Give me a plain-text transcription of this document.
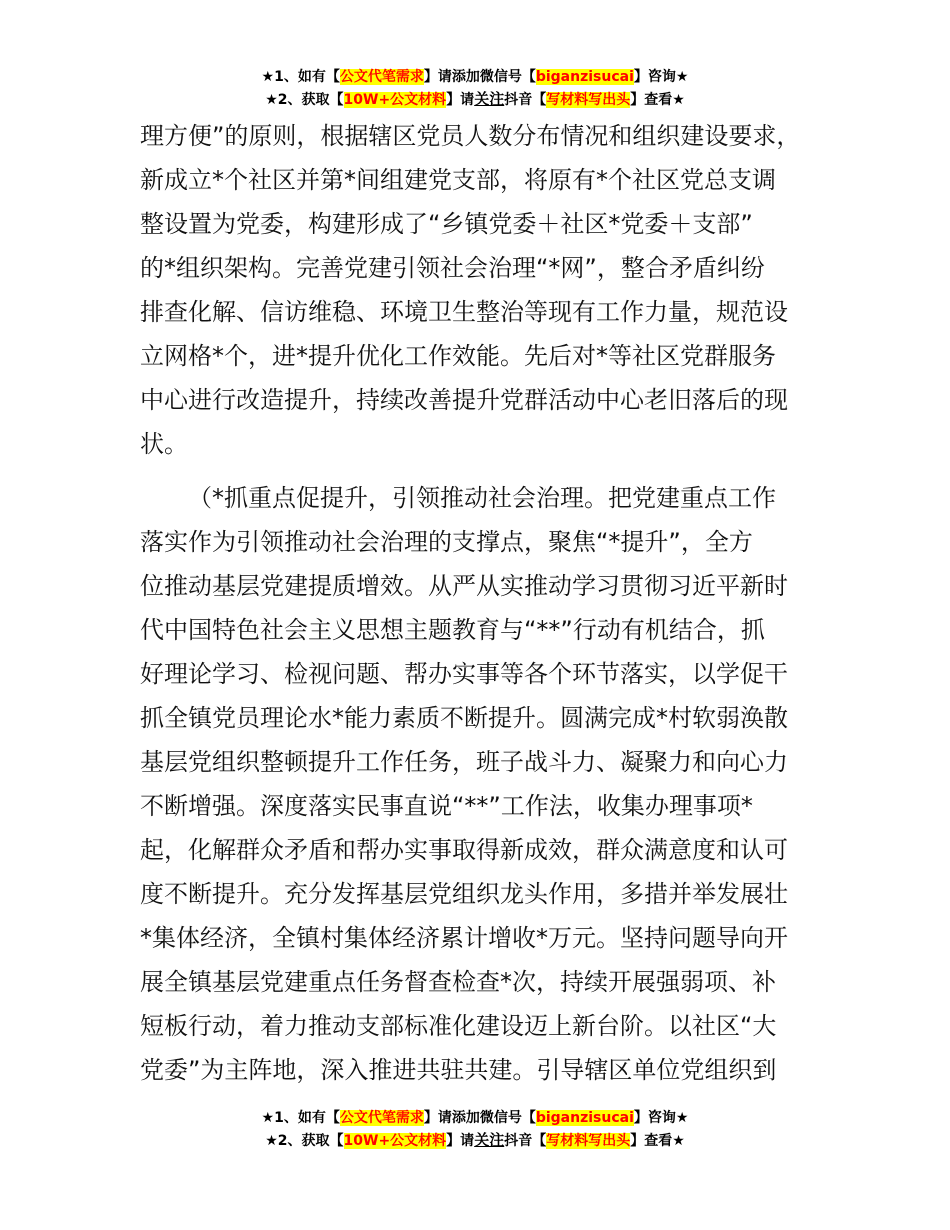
★1、如有【公文代笔需求】请添加微信号【biganzisucai】咨询★
★2、获取【10W+公文材料】请关注抖音【写材料写出头】查看★

理方便”的原则，根据辖区党员人数分布情况和组织建设要求，
新成立*个社区并第*间组建党支部，将原有*个社区党总支调
整设置为党委，构建形成了“乡镇党委＋社区*党委＋支部”
的*组织架构。完善党建引领社会治理“*网”，整合矛盾纠纷
排查化解、信访维稳、环境卫生整治等现有工作力量，规范设
立网格*个，进*提升优化工作效能。先后对*等社区党群服务
中心进行改造提升，持续改善提升党群活动中心老旧落后的现
状。

（*抓重点促提升，引领推动社会治理。把党建重点工作
落实作为引领推动社会治理的支撑点，聚焦“*提升”，全方
位推动基层党建提质增效。从严从实推动学习贯彻习近平新时
代中国特色社会主义思想主题教育与“**”行动有机结合，抓
好理论学习、检视问题、帮办实事等各个环节落实，以学促干
抓全镇党员理论水*能力素质不断提升。圆满完成*村软弱涣散
基层党组织整顿提升工作任务，班子战斗力、凝聚力和向心力
不断增强。深度落实民事直说“**”工作法，收集办理事项*
起，化解群众矛盾和帮办实事取得新成效，群众满意度和认可
度不断提升。充分发挥基层党组织龙头作用，多措并举发展壮
*集体经济，全镇村集体经济累计增收*万元。坚持问题导向开
展全镇基层党建重点任务督查检查*次，持续开展强弱项、补
短板行动，着力推动支部标准化建设迈上新台阶。以社区“大
党委”为主阵地，深入推进共驻共建。引导辖区单位党组织到

★1、如有【公文代笔需求】请添加微信号【biganzisucai】咨询★
★2、获取【10W+公文材料】请关注抖音【写材料写出头】查看★
